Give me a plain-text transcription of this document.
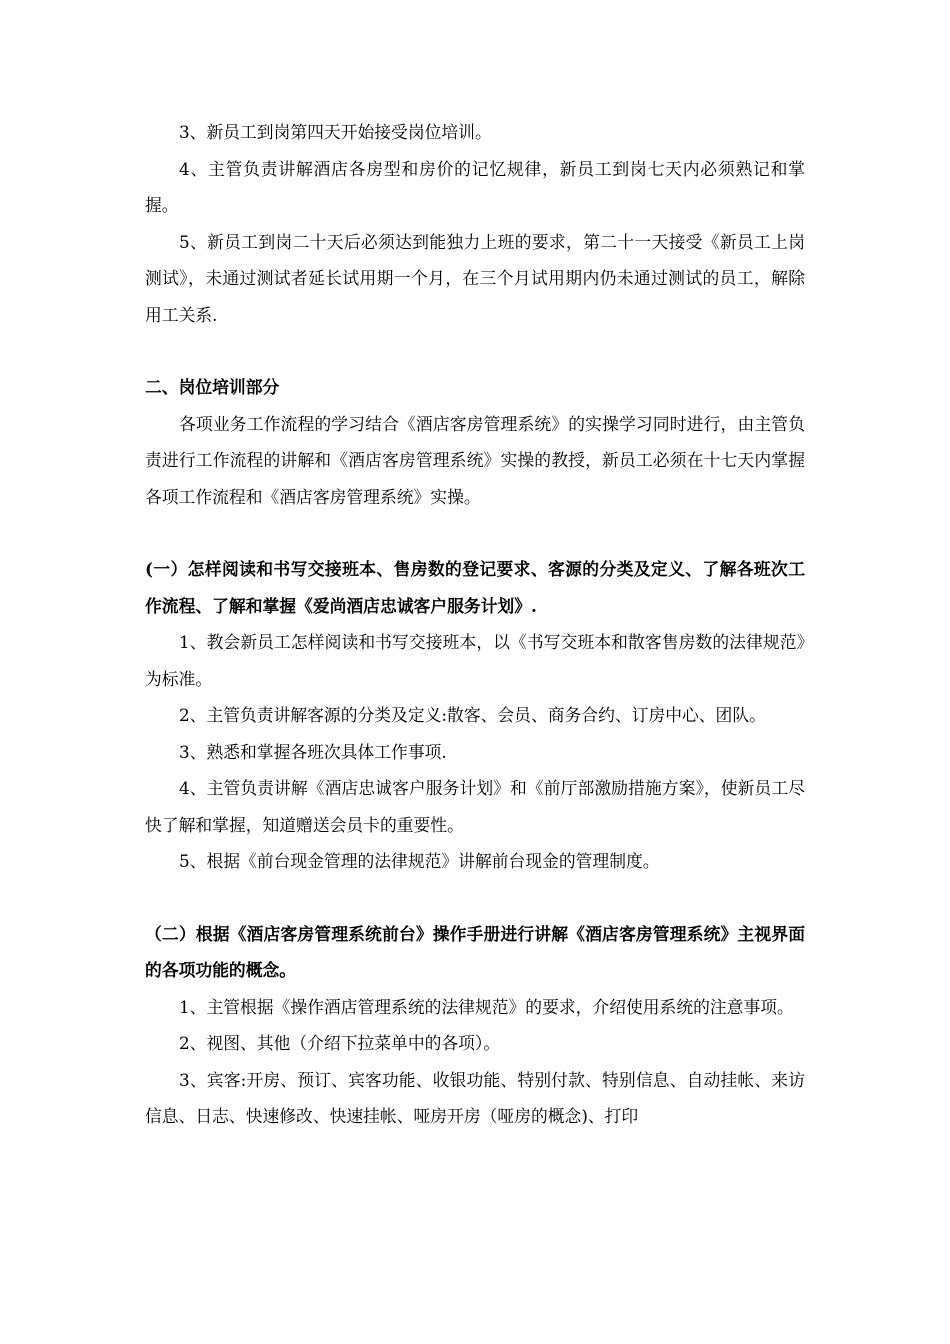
3、新员工到岗第四天开始接受岗位培训。

4、主管负责讲解酒店各房型和房价的记忆规律，新员工到岗七天内必须熟记和掌握。

5、新员工到岗二十天后必须达到能独力上班的要求，第二十一天接受《新员工上岗测试》，未通过测试者延长试用期一个月，在三个月试用期内仍未通过测试的员工，解除用工关系.

二、岗位培训部分

各项业务工作流程的学习结合《酒店客房管理系统》的实操学习同时进行，由主管负责进行工作流程的讲解和《酒店客房管理系统》实操的教授，新员工必须在十七天内掌握各项工作流程和《酒店客房管理系统》实操。

(一）怎样阅读和书写交接班本、售房数的登记要求、客源的分类及定义、了解各班次工作流程、了解和掌握《爱尚酒店忠诚客户服务计划》.

1、教会新员工怎样阅读和书写交接班本，以《书写交班本和散客售房数的法律规范》为标准。

2、主管负责讲解客源的分类及定义:散客、会员、商务合约、订房中心、团队。

3、熟悉和掌握各班次具体工作事项.

4、主管负责讲解《酒店忠诚客户服务计划》和《前厅部激励措施方案》，使新员工尽快了解和掌握，知道赠送会员卡的重要性。

5、根据《前台现金管理的法律规范》讲解前台现金的管理制度。

（二）根据《酒店客房管理系统前台》操作手册进行讲解《酒店客房管理系统》主视界面的各项功能的概念。

1、主管根据《操作酒店管理系统的法律规范》的要求，介绍使用系统的注意事项。

2、视图、其他（介绍下拉菜单中的各项）。

3、宾客:开房、预订、宾客功能、收银功能、特别付款、特别信息、自动挂帐、来访信息、日志、快速修改、快速挂帐、哑房开房（哑房的概念)、打印
